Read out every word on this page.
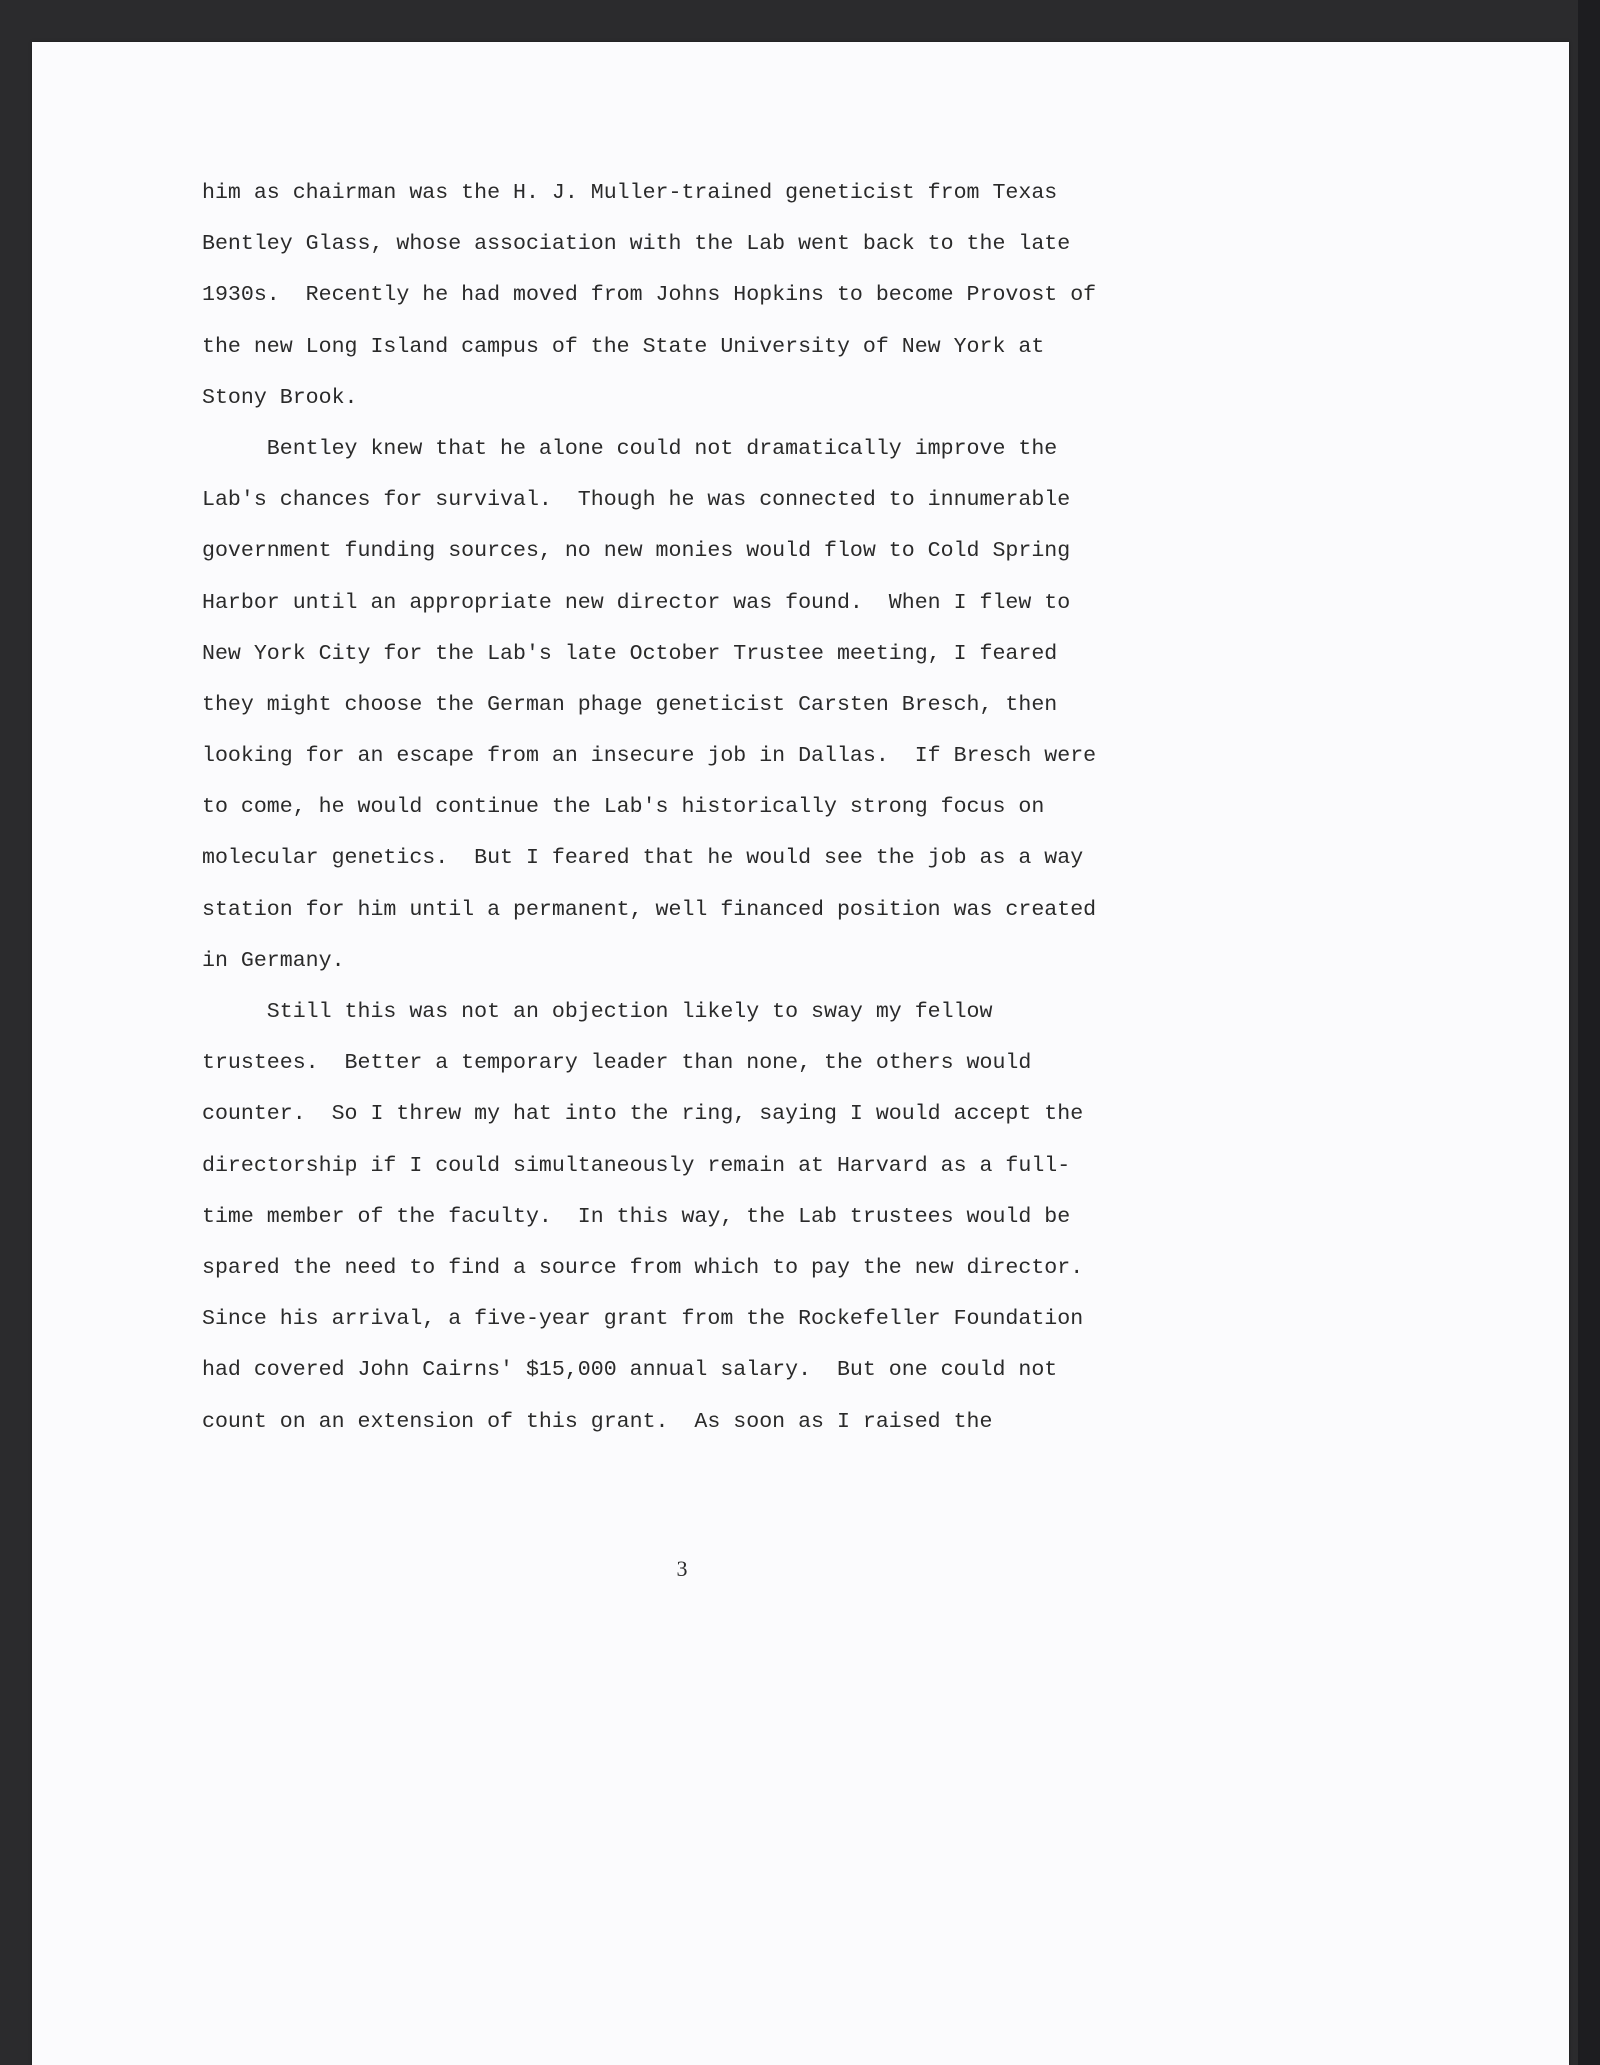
him as chairman was the H. J. Muller-trained geneticist from Texas
Bentley Glass, whose association with the Lab went back to the late
1930s.  Recently he had moved from Johns Hopkins to become Provost of
the new Long Island campus of the State University of New York at
Stony Brook.
Bentley knew that he alone could not dramatically improve the
Lab's chances for survival.  Though he was connected to innumerable
government funding sources, no new monies would flow to Cold Spring
Harbor until an appropriate new director was found.  When I flew to
New York City for the Lab's late October Trustee meeting, I feared
they might choose the German phage geneticist Carsten Bresch, then
looking for an escape from an insecure job in Dallas.  If Bresch were
to come, he would continue the Lab's historically strong focus on
molecular genetics.  But I feared that he would see the job as a way
station for him until a permanent, well financed position was created
in Germany.
Still this was not an objection likely to sway my fellow
trustees.  Better a temporary leader than none, the others would
counter.  So I threw my hat into the ring, saying I would accept the
directorship if I could simultaneously remain at Harvard as a full-
time member of the faculty.  In this way, the Lab trustees would be
spared the need to find a source from which to pay the new director.
Since his arrival, a five-year grant from the Rockefeller Foundation
had covered John Cairns' $15,000 annual salary.  But one could not
count on an extension of this grant.  As soon as I raised the
3
